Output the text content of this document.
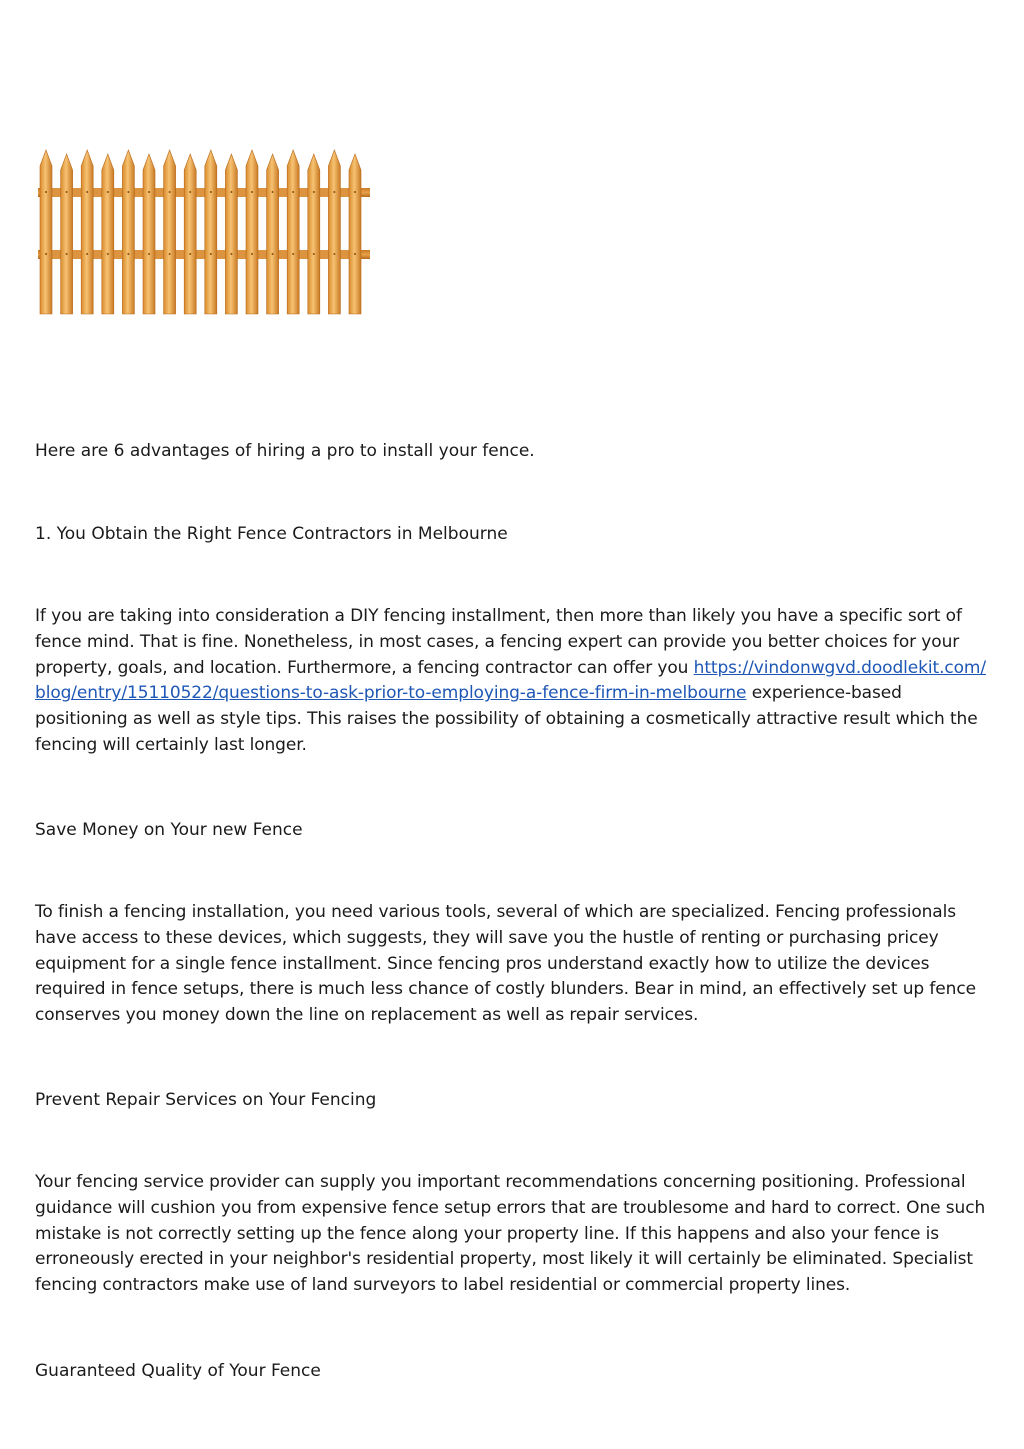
Here are 6 advantages of hiring a pro to install your fence.

1. You Obtain the Right Fence Contractors in Melbourne

If you are taking into consideration a DIY fencing installment, then more than likely you have a specific sort of fence mind. That is fine. Nonetheless, in most cases, a fencing expert can provide you better choices for your property, goals, and location. Furthermore, a fencing contractor can offer you https://vindonwgvd.doodlekit.com/blog/entry/15110522/questions-to-ask-prior-to-employing-a-fence-firm-in-melbourne experience-based positioning as well as style tips. This raises the possibility of obtaining a cosmetically attractive result which the fencing will certainly last longer.

Save Money on Your new Fence

To finish a fencing installation, you need various tools, several of which are specialized. Fencing professionals have access to these devices, which suggests, they will save you the hustle of renting or purchasing pricey equipment for a single fence installment. Since fencing pros understand exactly how to utilize the devices required in fence setups, there is much less chance of costly blunders. Bear in mind, an effectively set up fence conserves you money down the line on replacement as well as repair services.

Prevent Repair Services on Your Fencing

Your fencing service provider can supply you important recommendations concerning positioning. Professional guidance will cushion you from expensive fence setup errors that are troublesome and hard to correct. One such mistake is not correctly setting up the fence along your property line. If this happens and also your fence is erroneously erected in your neighbor's residential property, most likely it will certainly be eliminated. Specialist fencing contractors make use of land surveyors to label residential or commercial property lines.

Guaranteed Quality of Your Fence
